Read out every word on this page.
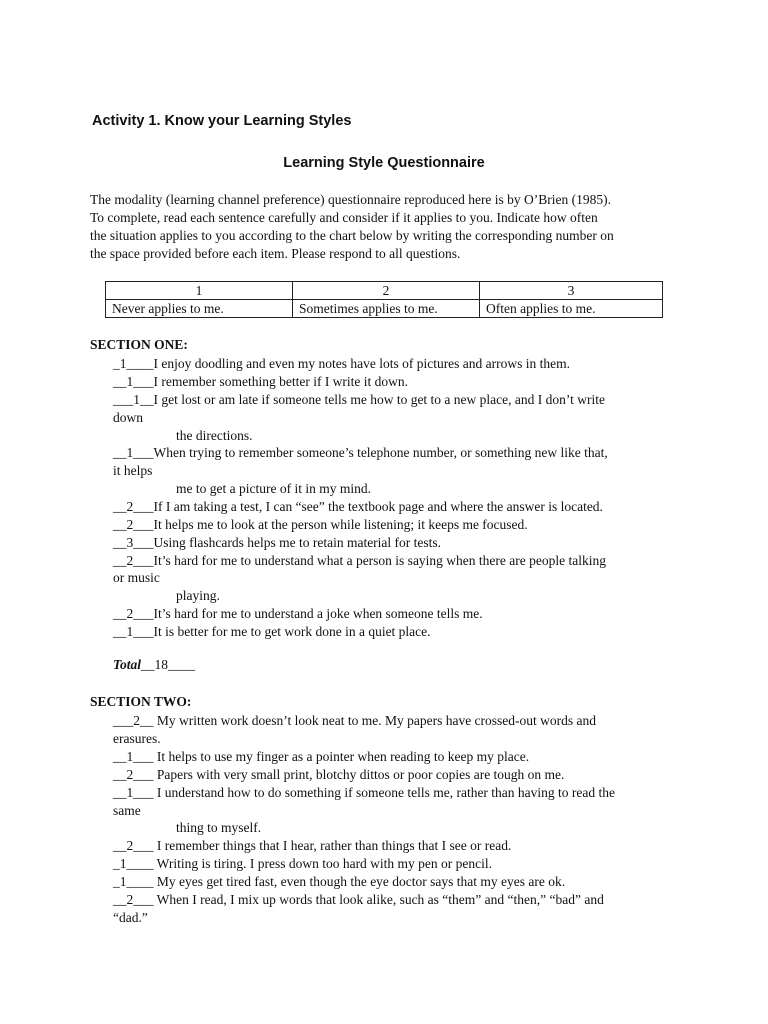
Activity 1. Know your Learning Styles
Learning Style Questionnaire
The modality (learning channel preference) questionnaire reproduced here is by O’Brien (1985).
To complete, read each sentence carefully and consider if it applies to you. Indicate how often
the situation applies to you according to the chart below by writing the corresponding number on
the space provided before each item. Please respond to all questions.
1	2	3
Never applies to me.	Sometimes applies to me.	Often applies to me.
SECTION ONE:
_1____I enjoy doodling and even my notes have lots of pictures and arrows in them.
__1___I remember something better if I write it down.
___1__I get lost or am late if someone tells me how to get to a new place, and I don’t write
down
the directions.
__1___When trying to remember someone’s telephone number, or something new like that,
it helps
me to get a picture of it in my mind.
__2___If I am taking a test, I can “see” the textbook page and where the answer is located.
__2___It helps me to look at the person while listening; it keeps me focused.
__3___Using flashcards helps me to retain material for tests.
__2___It’s hard for me to understand what a person is saying when there are people talking
or music
playing.
__2___It’s hard for me to understand a joke when someone tells me.
__1___It is better for me to get work done in a quiet place.
Total__18____
SECTION TWO:
___2__ My written work doesn’t look neat to me. My papers have crossed-out words and
erasures.
__1___ It helps to use my finger as a pointer when reading to keep my place.
__2___ Papers with very small print, blotchy dittos or poor copies are tough on me.
__1___ I understand how to do something if someone tells me, rather than having to read the
same
thing to myself.
__2___ I remember things that I hear, rather than things that I see or read.
_1____ Writing is tiring. I press down too hard with my pen or pencil.
_1____ My eyes get tired fast, even though the eye doctor says that my eyes are ok.
__2___ When I read, I mix up words that look alike, such as “them” and “then,” “bad” and
“dad.”
